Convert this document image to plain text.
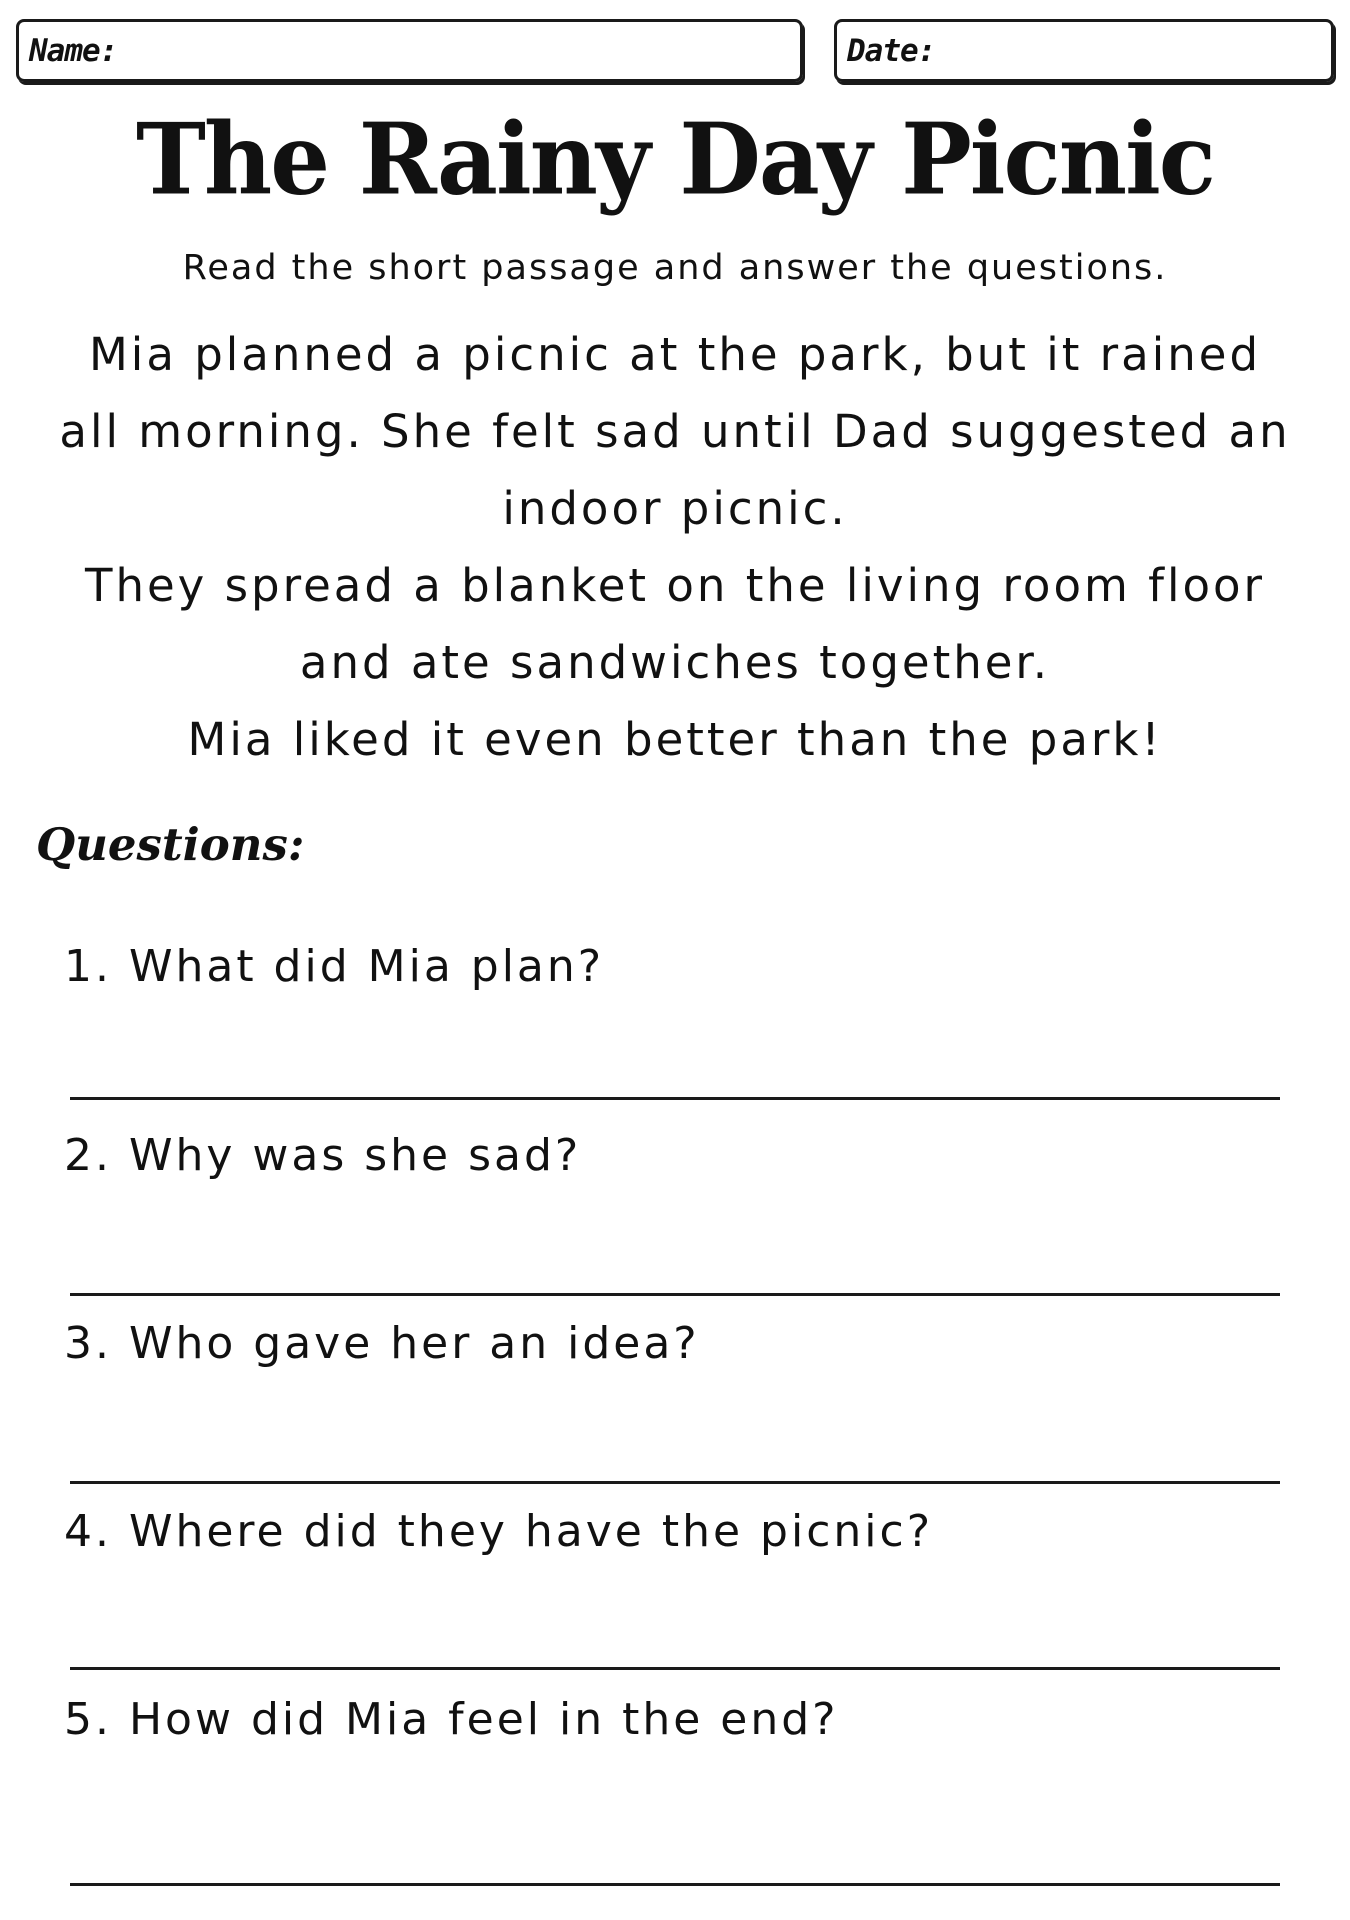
Name:	Date:
The Rainy Day Picnic
Read the short passage and answer the questions.
Mia planned a picnic at the park, but it rained
all morning. She felt sad until Dad suggested an
indoor picnic.
They spread a blanket on the living room floor
and ate sandwiches together.
Mia liked it even better than the park!
Questions:
1. What did Mia plan?
2. Why was she sad?
3. Who gave her an idea?
4. Where did they have the picnic?
5. How did Mia feel in the end?
